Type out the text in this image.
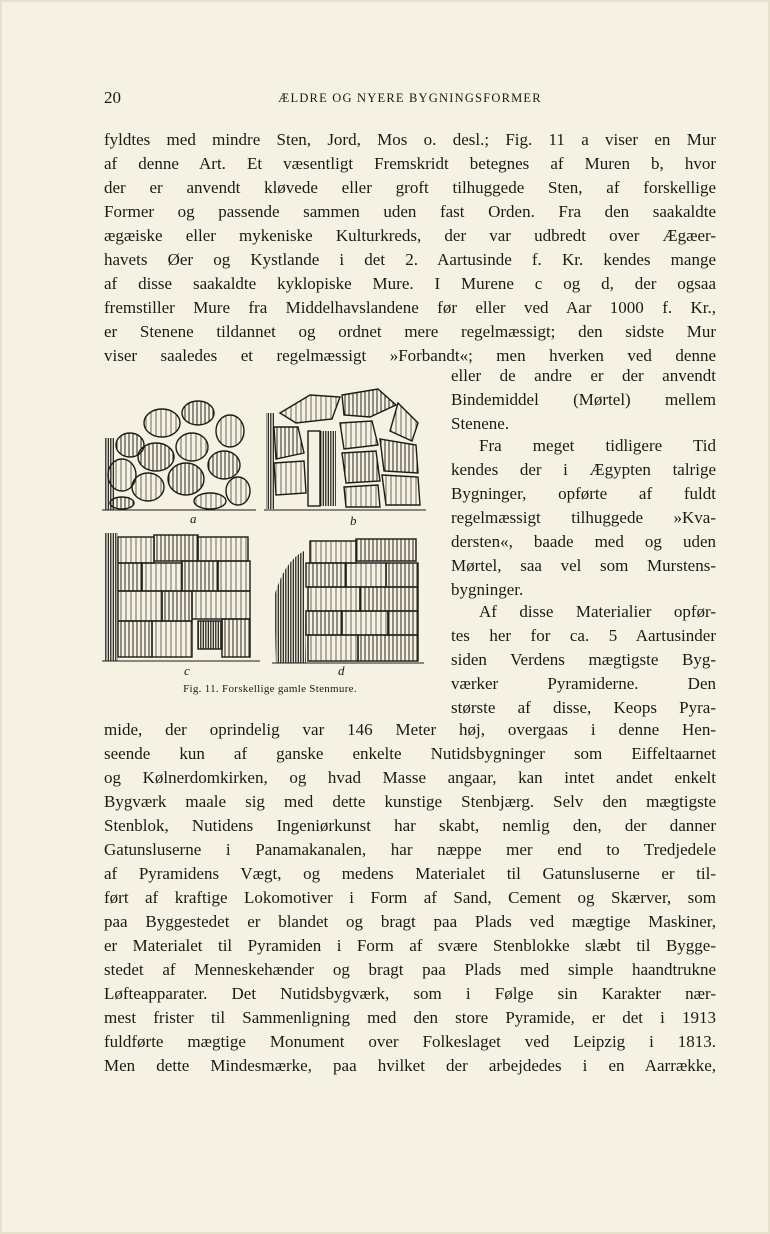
20	ÆLDRE OG NYERE BYGNINGSFORMER
fyldtes med mindre Sten, Jord, Mos o. desl.; Fig. 11 a viser en Mur
af denne Art. Et væsentligt Fremskridt betegnes af Muren b, hvor
der er anvendt kløvede eller groft tilhuggede Sten, af forskellige
Former og passende sammen uden fast Orden. Fra den saakaldte
ægæiske eller mykeniske Kulturkreds, der var udbredt over Ægæer-
havets Øer og Kystlande i det 2. Aartusinde f. Kr. kendes mange
af disse saakaldte kyklopiske Mure. I Murene c og d, der ogsaa
fremstiller Mure fra Middelhavslandene før eller ved Aar 1000 f. Kr.,
er Stenene tildannet og ordnet mere regelmæssigt; den sidste Mur
viser saaledes et regelmæssigt »Forbandt«; men hverken ved denne
eller de andre er der anvendt
Bindemiddel (Mørtel) mellem
Stenene.
Fra meget tidligere Tid
kendes der i Ægypten talrige
Bygninger, opførte af fuldt
regelmæssigt tilhuggede »Kva-
dersten«, baade med og uden
Mørtel, saa vel som Murstens-
bygninger.
Af disse Materialier opfør-
tes her for ca. 5 Aartusinder
siden Verdens mægtigste Byg-
værker Pyramiderne. Den
største af disse, Keops Pyra-
mide, der oprindelig var 146 Meter høj, overgaas i denne Hen-
seende kun af ganske enkelte Nutidsbygninger som Eiffeltaarnet
og Kølnerdomkirken, og hvad Masse angaar, kan intet andet enkelt
Bygværk maale sig med dette kunstige Stenbjærg. Selv den mægtigste
Stenblok, Nutidens Ingeniørkunst har skabt, nemlig den, der danner
Gatunsluserne i Panamakanalen, har næppe mer end to Tredjedele
af Pyramidens Vægt, og medens Materialet til Gatunsluserne er til-
ført af kraftige Lokomotiver i Form af Sand, Cement og Skærver, som
paa Byggestedet er blandet og bragt paa Plads ved mægtige Maskiner,
er Materialet til Pyramiden i Form af svære Stenblokke slæbt til Bygge-
stedet af Menneskehænder og bragt paa Plads med simple haandtrukne
Løfteapparater. Det Nutidsbygværk, som i Følge sin Karakter nær-
mest frister til Sammenligning med den store Pyramide, er det i 1913
fuldførte mægtige Monument over Folkeslaget ved Leipzig i 1813.
Men dette Mindesmærke, paa hvilket der arbejdedes i en Aarrække,
a	b
c	d
Fig. 11. Forskellige gamle Stenmure.
